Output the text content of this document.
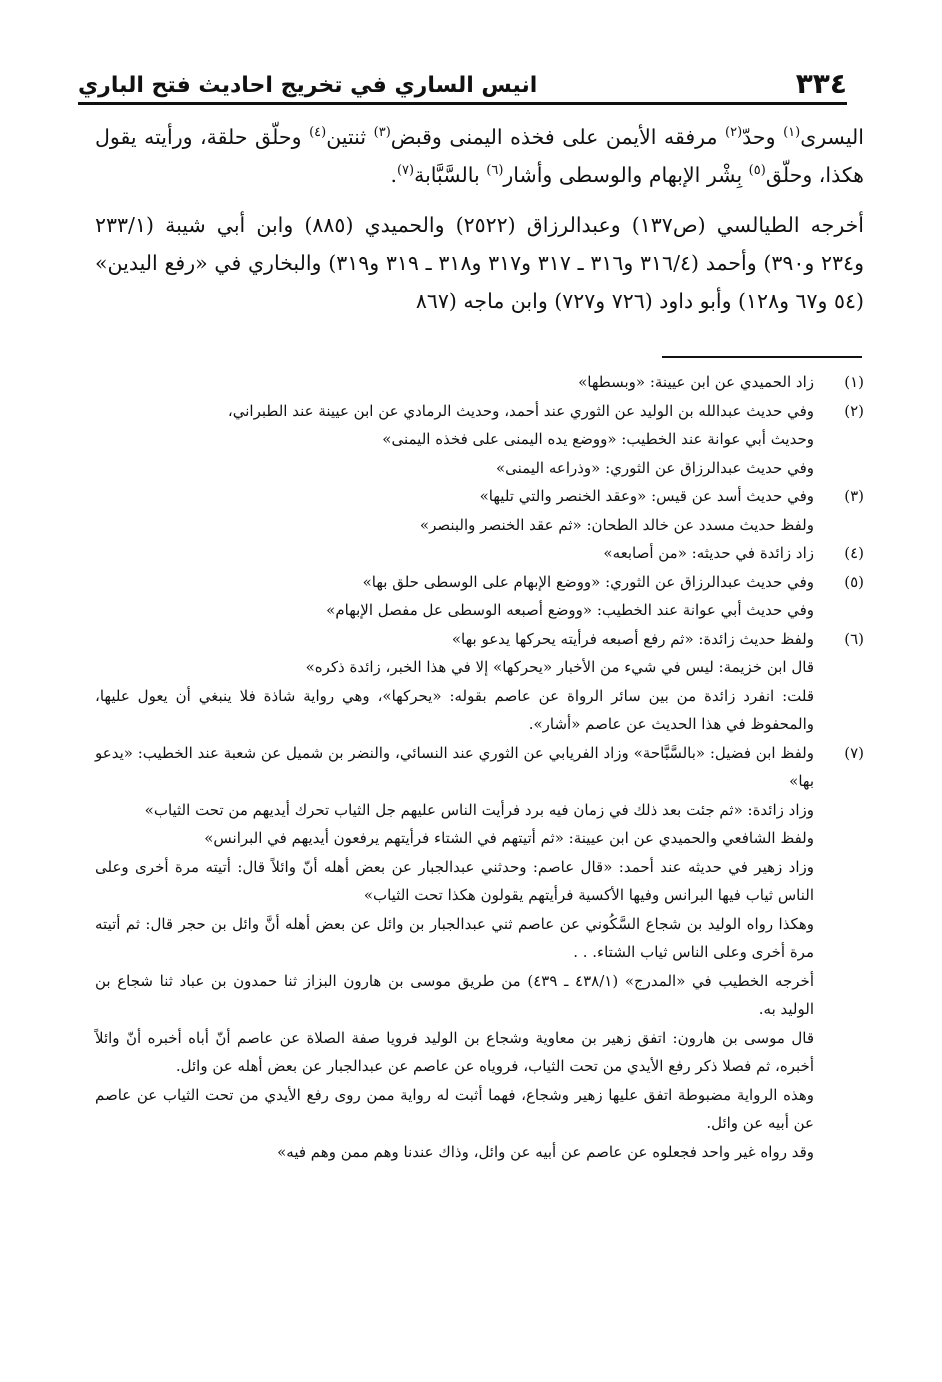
٣٣٤
انيس الساري في تخريج احاديث فتح الباري

اليسرى$^{(١)}$ وحدّ$^{(٢)}$ مرفقه الأيمن على فخذه اليمنى وقبض$^{(٣)}$ ثنتين$^{(٤)}$ وحلّق حلقة، ورأيته يقول هكذا، وحلّق$^{(٥)}$ بِشْر الإبهام والوسطى وأشار$^{(٦)}$ بالسَّبَّابة$^{(٧)}$.

أخرجه الطيالسي (ص١٣٧) وعبدالرزاق (٢٥٢٢) والحميدي (٨٨٥) وابن أبي شيبة (٢٣٣/١ و٢٣٤ و٣٩٠) وأحمد (٣١٦/٤ و٣١٦ ـ ٣١٧ و٣١٧ و٣١٨ ـ ٣١٩ و٣١٩) والبخاري في «رفع اليدين» (٥٤ و٦٧ و١٢٨) وأبو داود (٧٢٦ و٧٢٧) وابن ماجه (٨٦٧

(١)
زاد الحميدي عن ابن عيينة: «وبسطها»
(٢)
وفي حديث عبدالله بن الوليد عن الثوري عند أحمد، وحديث الرمادي عن ابن عيينة عند الطبراني،
وحديث أبي عوانة عند الخطيب: «ووضع يده اليمنى على فخذه اليمنى»
وفي حديث عبدالرزاق عن الثوري: «وذراعه اليمنى»
(٣)
وفي حديث أسد عن قيس: «وعقد الخنصر والتي تليها»
ولفظ حديث مسدد عن خالد الطحان: «ثم عقد الخنصر والبنصر»
(٤)
زاد زائدة في حديثه: «من أصابعه»
(٥)
وفي حديث عبدالرزاق عن الثوري: «ووضع الإبهام على الوسطى حلق بها»
وفي حديث أبي عوانة عند الخطيب: «ووضع أصبعه الوسطى عل مفصل الإبهام»
(٦)
ولفظ حديث زائدة: «ثم رفع أصبعه فرأيته يحركها يدعو بها»
قال ابن خزيمة: ليس في شيء من الأخبار «يحركها» إلا في هذا الخبر، زائدة ذكره»
قلت: انفرد زائدة من بين سائر الرواة عن عاصم بقوله: «يحركها»، وهي رواية شاذة فلا ينبغي أن يعول عليها، والمحفوظ في هذا الحديث عن عاصم «أشار».
(٧)
ولفظ ابن فضيل: «بالسَّبَّاحة» وزاد الفريابي عن الثوري عند النسائي، والنضر بن شميل عن شعبة عند الخطيب: «يدعو بها»
وزاد زائدة: «ثم جئت بعد ذلك في زمان فيه برد فرأيت الناس عليهم جل الثياب تحرك أيديهم من تحت الثياب»
ولفظ الشافعي والحميدي عن ابن عيينة: «ثم أتيتهم في الشتاء فرأيتهم يرفعون أيديهم في البرانس»
وزاد زهير في حديثه عند أحمد: «قال عاصم: وحدثني عبدالجبار عن بعض أهله أنّ وائلاً قال: أتيته مرة أخرى وعلى الناس ثياب فيها البرانس وفيها الأكسية فرأيتهم يقولون هكذا تحت الثياب»
وهكذا رواه الوليد بن شجاع السَّكُوني عن عاصم ثني عبدالجبار بن وائل عن بعض أهله أنَّ وائل بن حجر قال: ثم أتيته مرة أخرى وعلى الناس ثياب الشتاء. . .
أخرجه الخطيب في «المدرج» (٤٣٨/١ ـ ٤٣٩) من طريق موسى بن هارون البزاز ثنا حمدون بن عباد ثنا شجاع بن الوليد به.
قال موسى بن هارون: اتفق زهير بن معاوية وشجاع بن الوليد فرويا صفة الصلاة عن عاصم أنّ أباه أخبره أنّ وائلاً أخبره، ثم فصلا ذكر رفع الأيدي من تحت الثياب، فروياه عن عاصم عن عبدالجبار عن بعض أهله عن وائل.
وهذه الرواية مضبوطة اتفق عليها زهير وشجاع، فهما أثبت له رواية ممن روى رفع الأيدي من تحت الثياب عن عاصم عن أبيه عن وائل.
وقد رواه غير واحد فجعلوه عن عاصم عن أبيه عن وائل، وذاك عندنا وهم ممن وهم فيه»
